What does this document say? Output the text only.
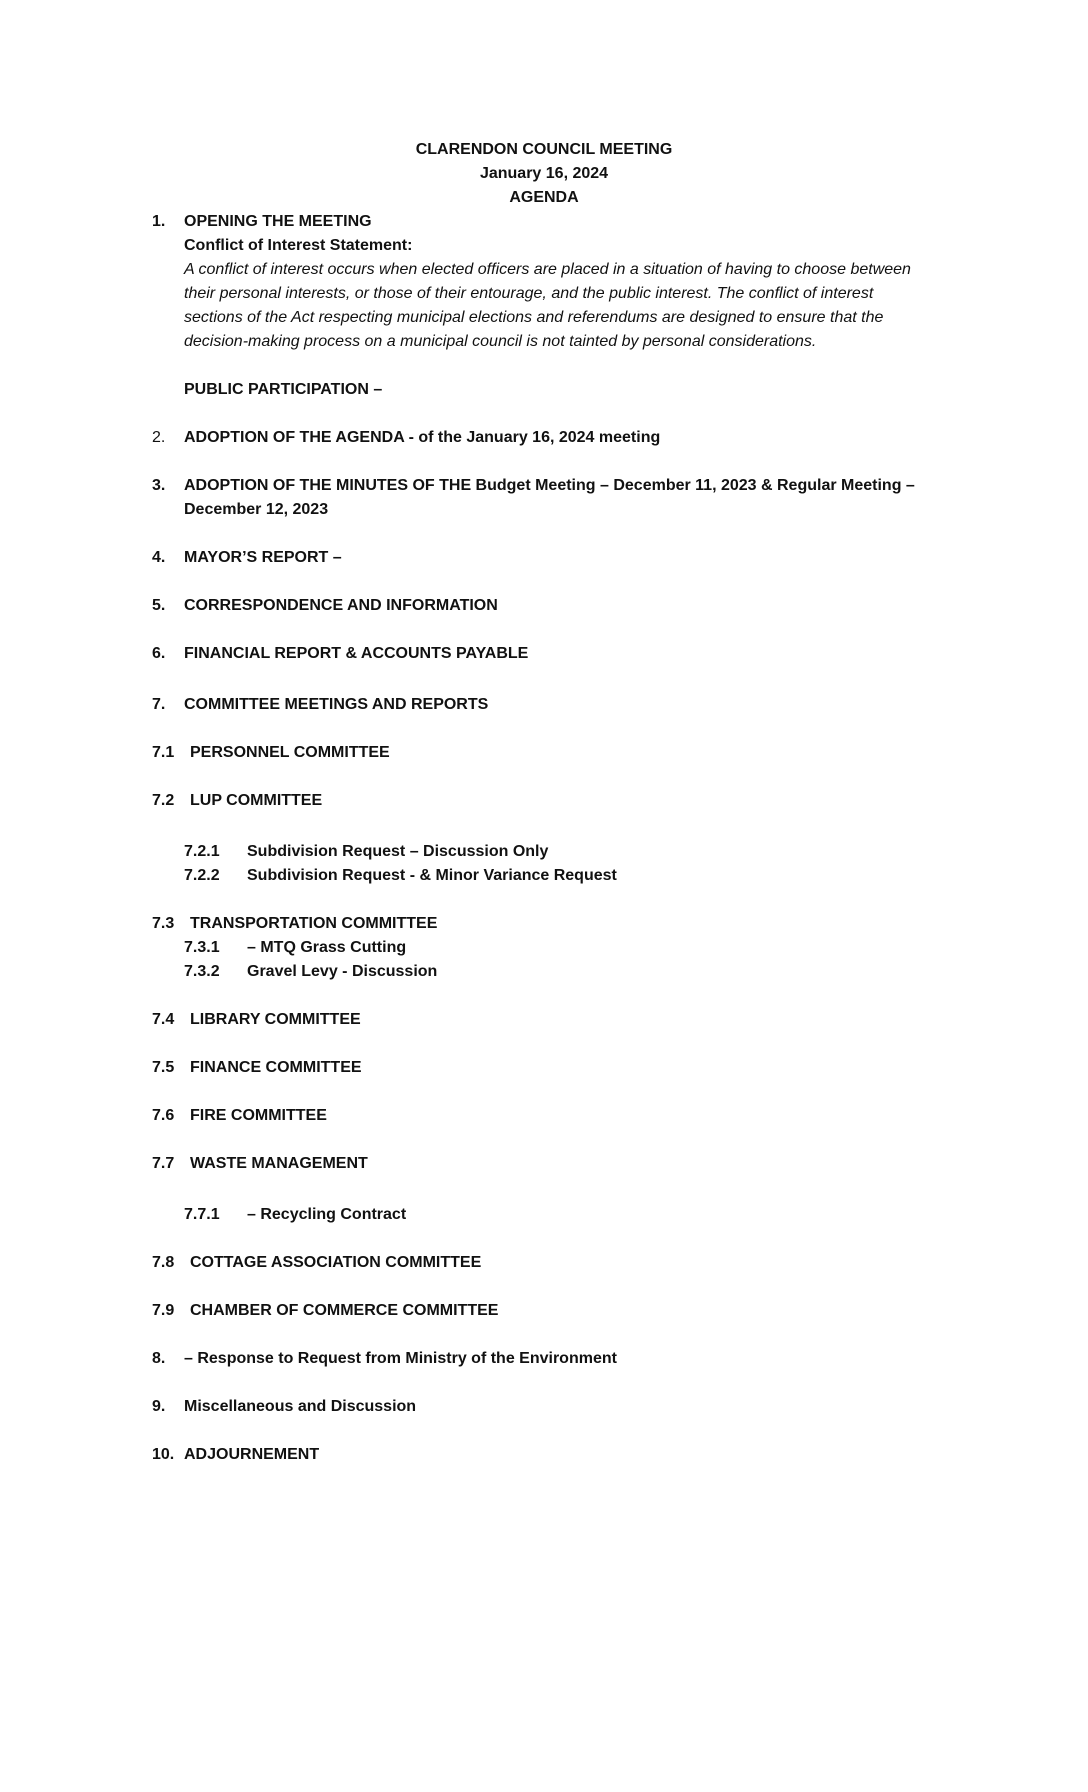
CLARENDON COUNCIL MEETING
January 16, 2024
AGENDA
1. OPENING THE MEETING
Conflict of Interest Statement:
A conflict of interest occurs when elected officers are placed in a situation of having to choose between
their personal interests, or those of their entourage, and the public interest. The conflict of interest
sections of the Act respecting municipal elections and referendums are designed to ensure that the
decision-making process on a municipal council is not tainted by personal considerations.
PUBLIC PARTICIPATION –
2. ADOPTION OF THE AGENDA - of the January 16, 2024 meeting
3. ADOPTION OF THE MINUTES OF THE Budget Meeting – December 11, 2023 & Regular Meeting –
December 12, 2023
4. MAYOR’S REPORT –
5. CORRESPONDENCE AND INFORMATION
6. FINANCIAL REPORT & ACCOUNTS PAYABLE
7. COMMITTEE MEETINGS AND REPORTS
7.1 PERSONNEL COMMITTEE
7.2 LUP COMMITTEE
7.2.1 Subdivision Request – Discussion Only
7.2.2 Subdivision Request - & Minor Variance Request
7.3 TRANSPORTATION COMMITTEE
7.3.1 – MTQ Grass Cutting
7.3.2 Gravel Levy - Discussion
7.4 LIBRARY COMMITTEE
7.5 FINANCE COMMITTEE
7.6 FIRE COMMITTEE
7.7 WASTE MANAGEMENT
7.7.1 – Recycling Contract
7.8 COTTAGE ASSOCIATION COMMITTEE
7.9 CHAMBER OF COMMERCE COMMITTEE
8. – Response to Request from Ministry of the Environment
9. Miscellaneous and Discussion
10. ADJOURNEMENT
